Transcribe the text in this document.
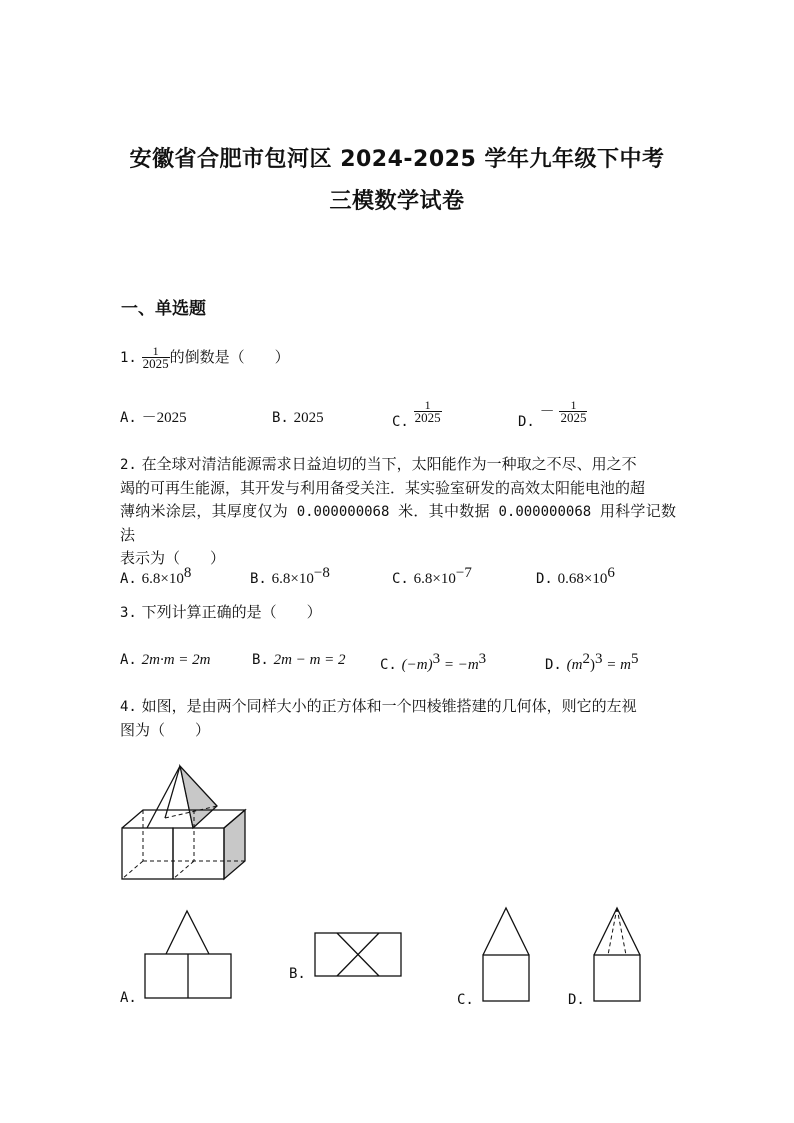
安徽省合肥市包河区 2024-2025 学年九年级下中考
三模数学试卷
一、单选题
1. $\frac{1}{2025}$ 的倒数是（　　）
A. －2025	B. 2025	C. $\frac{1}{2025}$	D. － $\frac{1}{2025}$
2. 在全球对清洁能源需求日益迫切的当下，太阳能作为一种取之不尽、用之不
竭的可再生能源，其开发与利用备受关注．某实验室研发的高效太阳能电池的超
薄纳米涂层，其厚度仅为 0.000000068 米．其中数据 0.000000068 用科学记数法
表示为（　　）
A. $6.8\times 10^8$	B. $6.8\times 10^{-8}$	C. $6.8\times 10^{-7}$	D. $0.68\times 10^6$
3. 下列计算正确的是（　　）
A. 2m·m = 2m	B. 2m − m = 2 C. $(-m)^3 = -m^3$	D. $(m^2)^3 = m^5$
4. 如图，是由两个同样大小的正方体和一个四棱锥搭建的几何体，则它的左视
图为（　　）
A.
B.
C.	D.
